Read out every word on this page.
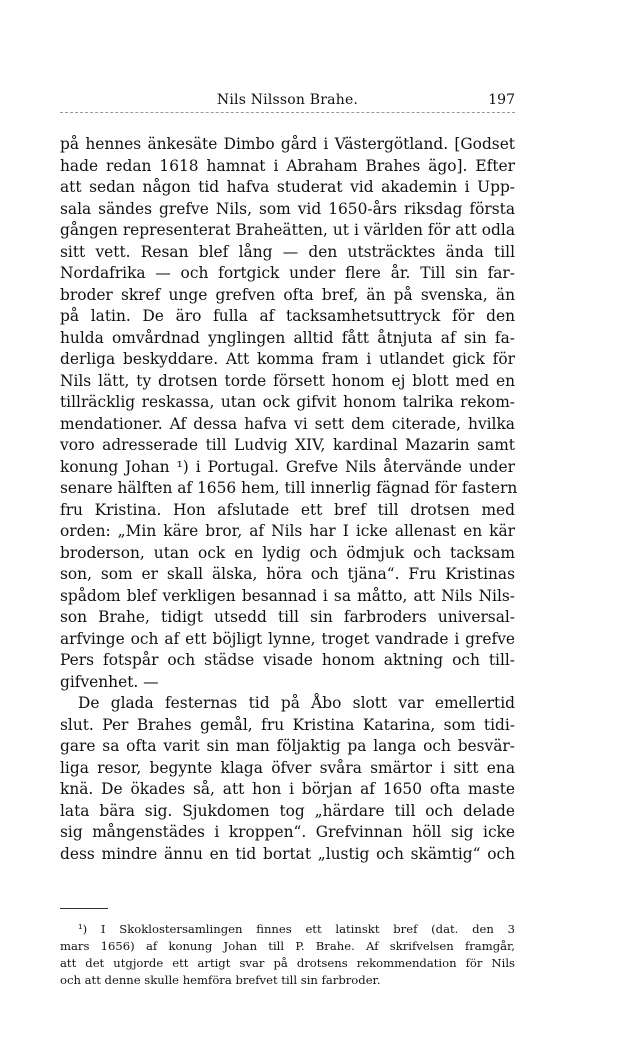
Nils Nilsson Brahe.	197
på hennes änkesäte Dimbo gård i Västergötland. [Godset
hade redan 1618 hamnat i Abraham Brahes ägo]. Efter
att sedan någon tid hafva studerat vid akademin i Upp-
sala sändes grefve Nils, som vid 1650-års riksdag första
gången representerat Braheätten, ut i världen för att odla
sitt vett. Resan blef lång — den utsträcktes ända till
Nordafrika — och fortgick under flere år. Till sin far-
broder skref ungе grefven ofta bref, än på svenska, än
på latin. De äro fulla af tacksamhetsuttryck för den
hulda omvårdnad ynglingen alltid fått åtnjuta af sin fa-
derliga beskyddare. Att komma fram i utlandet gick för
Nils lätt, ty drotsen torde försett honom ej blott med en
tillräcklig reskassa, utan ock gifvit honom talrika rekom-
mendationer. Af dessa hafva vi sett dem citerade, hvilka
voro adresserade till Ludvig XIV, kardinal Mazarin samt
konung Johan ¹) i Portugal. Grefve Nils återvände under
senare hälften af 1656 hem, till innerlig fägnad för fastern
fru Kristina. Hon afslutade ett bref till drotsen med
orden: „Min käre bror, af Nils har I icke allenast en kär
broderson, utan ock en lydig och ödmjuk och tacksam
son, som er skall älska, höra och tjäna“. Fru Kristinas
spådom blef verkligen besannad i sa måtto, att Nils Nils-
son Brahe, tidigt utsedd till sin farbroders universal-
arfvinge och af ett böjligt lynne, troget vandrade i grefve
Pers fotspår och städse visade honom aktning och till-
gifvenhet. —
De glada festernas tid på Åbo slott var emellertid
slut. Per Brahes gemål, fru Kristina Katarina, som tidi-
gare sa ofta varit sin man följaktig pa langa och besvär-
liga resor, begynte klaga öfver svåra smärtor i sitt ena
knä. De ökades så, att hon i början af 1650 ofta maste
lata bära sig. Sjukdomen tog „härdare till och delade
sig mångenstädes i kroppen“. Grefvinnan höll sig icke
dess mindre ännu en tid bortat „lustig och skämtig“ och
¹) I Skoklostersamlingen finnes ett latinskt bref (dat. den 3
mars 1656) af konung Johan till P. Brahe. Af skrifvelsen framgår,
att det utgjorde ett artigt svar på drotsens rekommendation för Nils
och att denne skulle hemföra brefvet till sin farbroder.
